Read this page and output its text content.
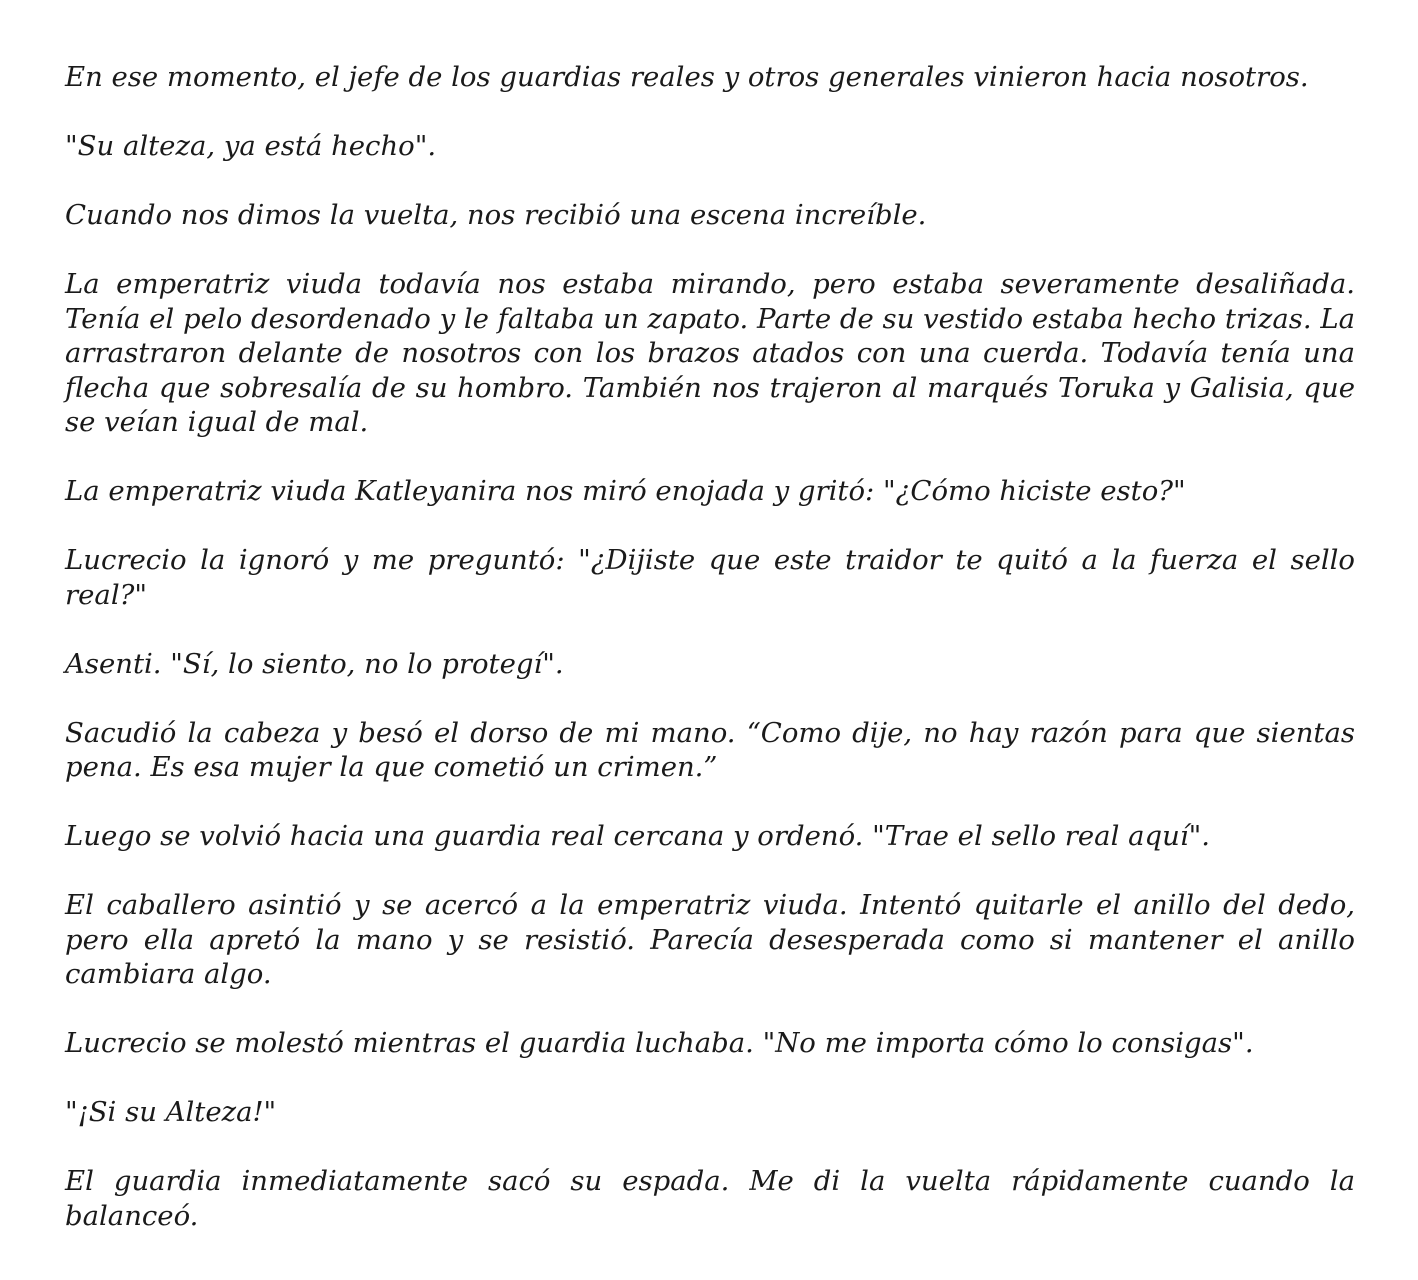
En ese momento, el jefe de los guardias reales y otros generales vinieron hacia nosotros.

"Su alteza, ya está hecho".

Cuando nos dimos la vuelta, nos recibió una escena increíble.

La emperatriz viuda todavía nos estaba mirando, pero estaba severamente desaliñada. Tenía el pelo desordenado y le faltaba un zapato. Parte de su vestido estaba hecho trizas. La arrastraron delante de nosotros con los brazos atados con una cuerda. Todavía tenía una flecha que sobresalía de su hombro. También nos trajeron al marqués Toruka y Galisia, que se veían igual de mal.

La emperatriz viuda Katleyanira nos miró enojada y gritó: "¿Cómo hiciste esto?"

Lucrecio la ignoró y me preguntó: "¿Dijiste que este traidor te quitó a la fuerza el sello real?"

Asenti. "Sí, lo siento, no lo protegí".

Sacudió la cabeza y besó el dorso de mi mano. “Como dije, no hay razón para que sientas pena. Es esa mujer la que cometió un crimen.”

Luego se volvió hacia una guardia real cercana y ordenó. "Trae el sello real aquí".

El caballero asintió y se acercó a la emperatriz viuda. Intentó quitarle el anillo del dedo, pero ella apretó la mano y se resistió. Parecía desesperada como si mantener el anillo cambiara algo.

Lucrecio se molestó mientras el guardia luchaba. "No me importa cómo lo consigas".

"¡Si su Alteza!"

El guardia inmediatamente sacó su espada. Me di la vuelta rápidamente cuando la balanceó.
